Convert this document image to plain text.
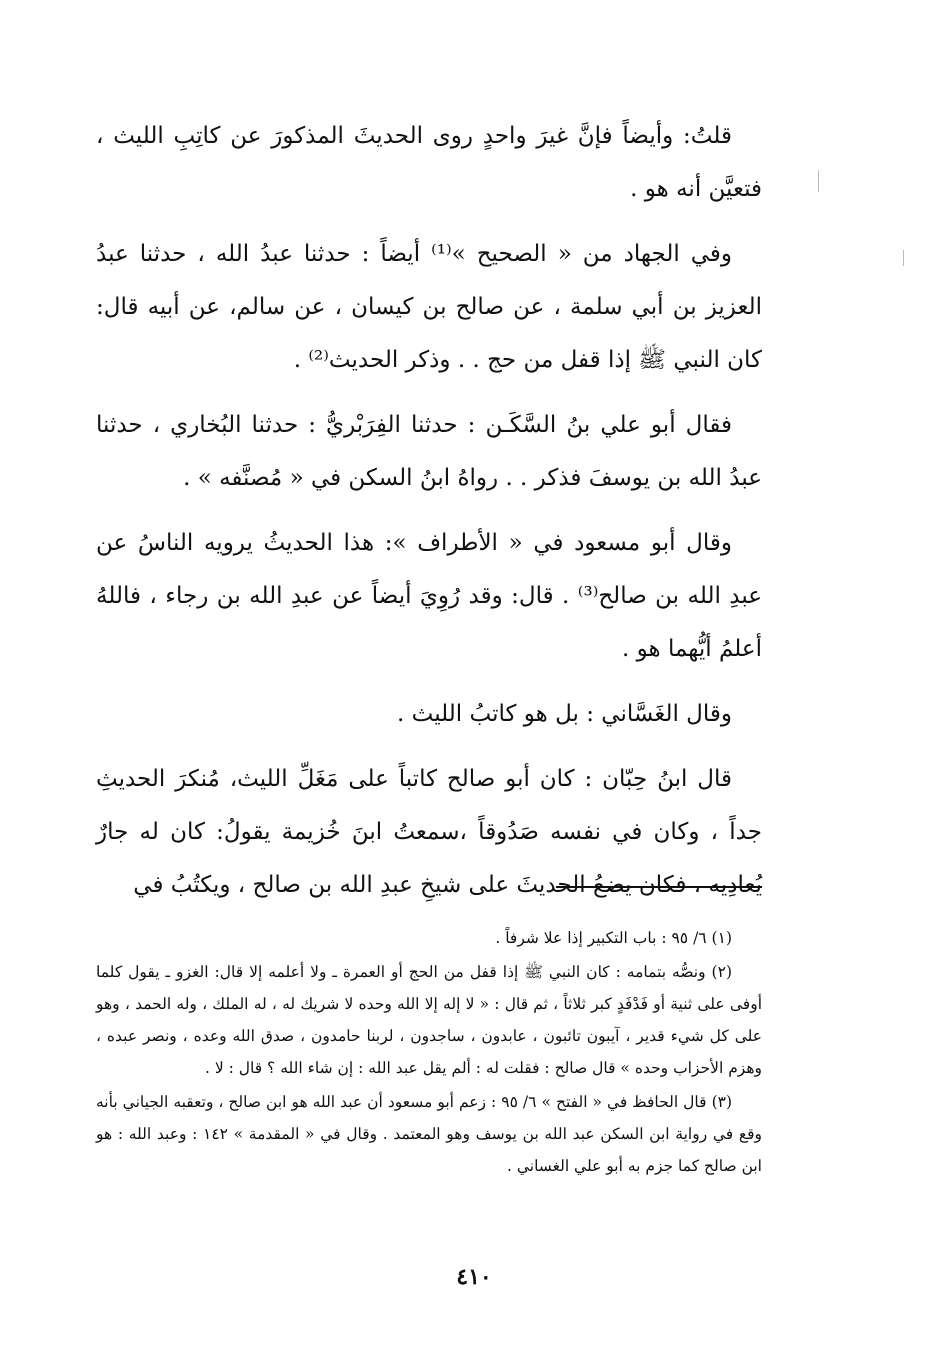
قلتُ: وأيضاً فإنَّ غيرَ واحدٍ روى الحديثَ المذكورَ عن كاتِبِ الليث ، فتعيَّن أنه هو .

وفي الجهاد من « الصحيح »⁽¹⁾ أيضاً : حدثنا عبدُ الله ، حدثنا عبدُ العزيز بن أبي سلمة ، عن صالح بن كيسان ، عن سالم، عن أبيه قال: كان النبي ﷺ إذا قفل من حج . . وذكر الحديث⁽²⁾ .

فقال أبو علي بنُ السَّكَـن : حدثنا الفِرَبْريُّ : حدثنا البُخاري ، حدثنا عبدُ الله بن يوسفَ فذكر . . رواهُ ابنُ السكن في « مُصنَّفه » .

وقال أبو مسعود في « الأطراف »: هذا الحديثُ يرويه الناسُ عن عبدِ الله بن صالح⁽³⁾ . قال: وقد رُوِيَ أيضاً عن عبدِ الله بن رجاء ، فاللهُ أعلمُ أيُّهما هو .

وقال الغَسَّاني : بل هو كاتبُ الليث .

قال ابنُ حِبّان : كان أبو صالح كاتباً على مَغَلِّ الليث، مُنكرَ الحديثِ جداً ، وكان في نفسه صَدُوقاً ،سمعتُ ابنَ خُزيمة يقولُ: كان له جارٌ يُعادِيه ، فكان يضعُ الحديثَ على شيخِ عبدِ الله بن صالح ، ويكتُبُ في

(١) ٦/ ٩٥ : باب التكبير إذا علا شرفاً .

(٢) ونصُّه بتمامه : كان النبي ﷺ إذا قفل من الحج أو العمرة ـ ولا أعلمه إلا قال: الغزو ـ يقول كلما أوفى على ثنية أو فَدْفَدٍ كبر ثلاثاً ، ثم قال : « لا إله إلا الله وحده لا شريك له ، له الملك ، وله الحمد ، وهو على كل شيء قدير ، آيبون تائبون ، عابدون ، ساجدون ، لربنا حامدون ، صدق الله وعده ، ونصر عبده ، وهزم الأحزاب وحده » قال صالح : فقلت له : ألم يقل عبد الله : إن شاء الله ؟ قال : لا .

(٣) قال الحافظ في « الفتح » ٦/ ٩٥ : زعم أبو مسعود أن عبد الله هو ابن صالح ، وتعقبه الجياني بأنه وقع في رواية ابن السكن عبد الله بن يوسف وهو المعتمد . وقال في « المقدمة » ١٤٢ : وعبد الله : هو ابن صالح كما جزم به أبو علي الغساني .

٤١٠
